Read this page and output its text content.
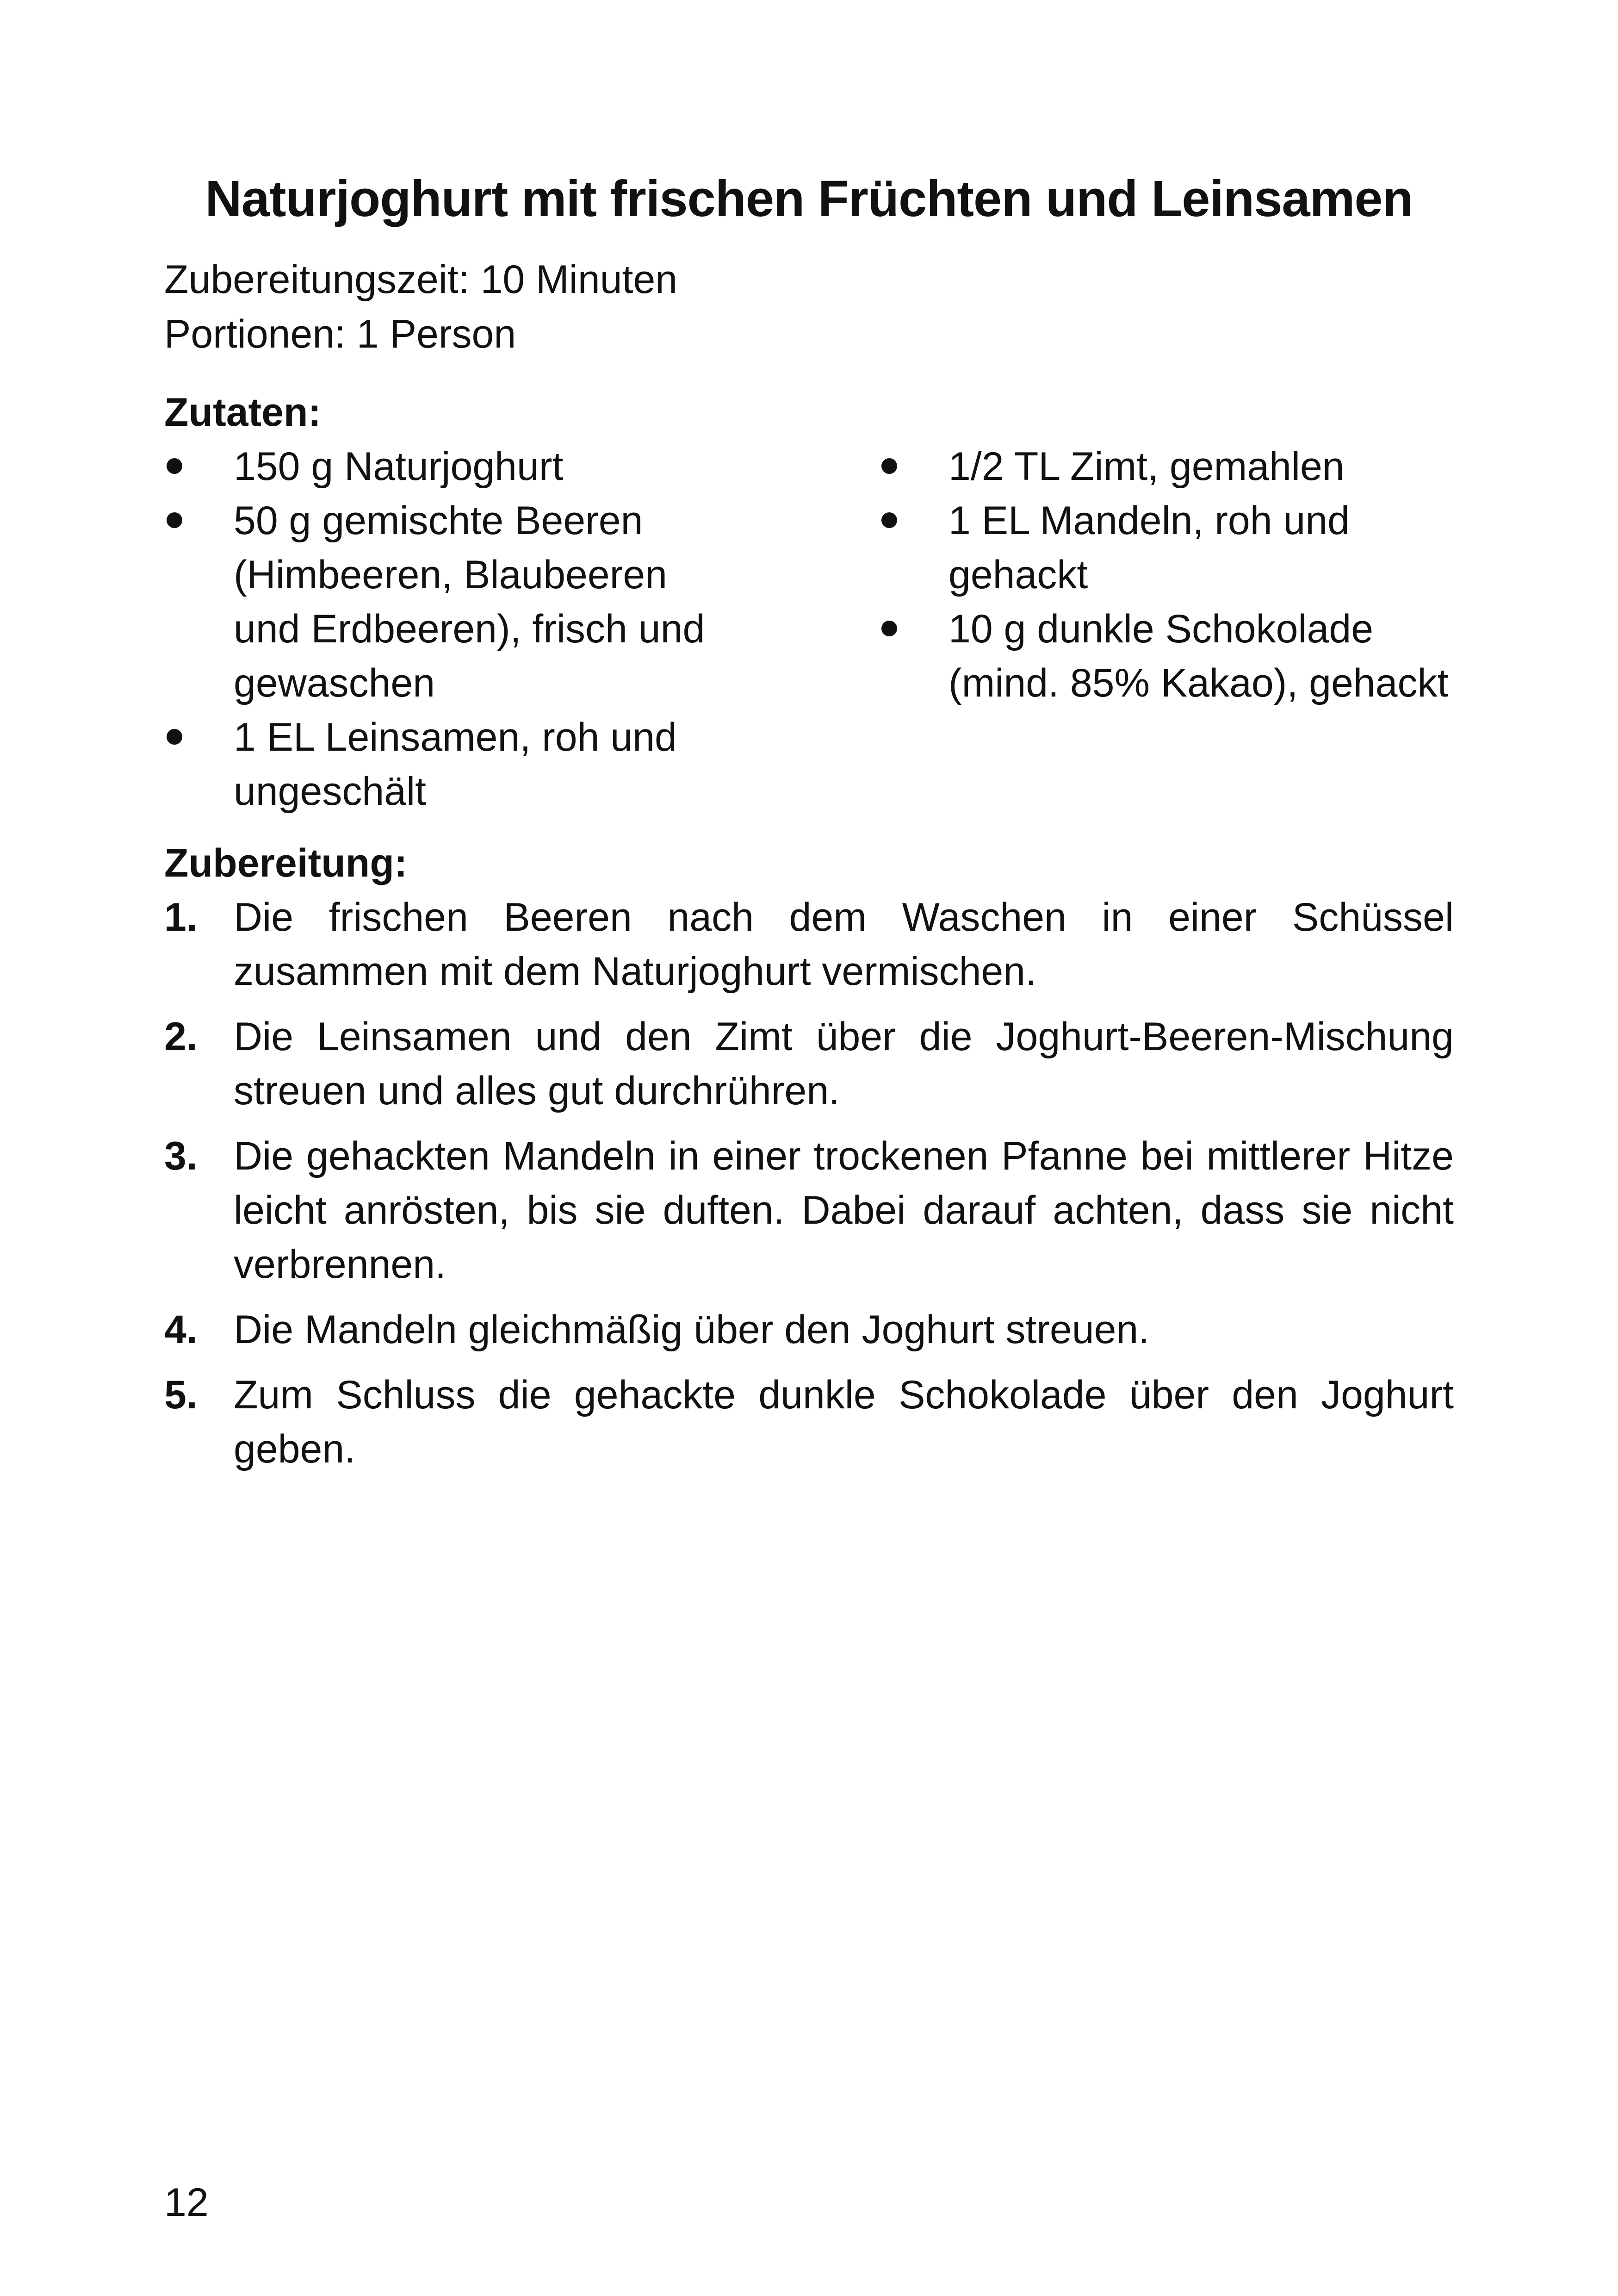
Naturjoghurt mit frischen Früchten und Leinsamen
Zubereitungszeit: 10 Minuten
Portionen: 1 Person
Zutaten:
150 g Naturjoghurt
50 g gemischte Beeren (Himbeeren, Blaubeeren und Erdbeeren), frisch und gewaschen
1 EL Leinsamen, roh und ungeschält
1/2 TL Zimt, gemahlen
1 EL Mandeln, roh und gehackt
10 g dunkle Schokolade (mind. 85% Kakao), gehackt
Zubereitung:
1. Die frischen Beeren nach dem Waschen in einer Schüssel zusammen mit dem Naturjoghurt vermischen.
2. Die Leinsamen und den Zimt über die Joghurt-Beeren-Mischung streuen und alles gut durchrühren.
3. Die gehackten Mandeln in einer trockenen Pfanne bei mittlerer Hitze leicht anrösten, bis sie duften. Dabei darauf achten, dass sie nicht verbrennen.
4. Die Mandeln gleichmäßig über den Joghurt streuen.
5. Zum Schluss die gehackte dunkle Schokolade über den Joghurt geben.
12
